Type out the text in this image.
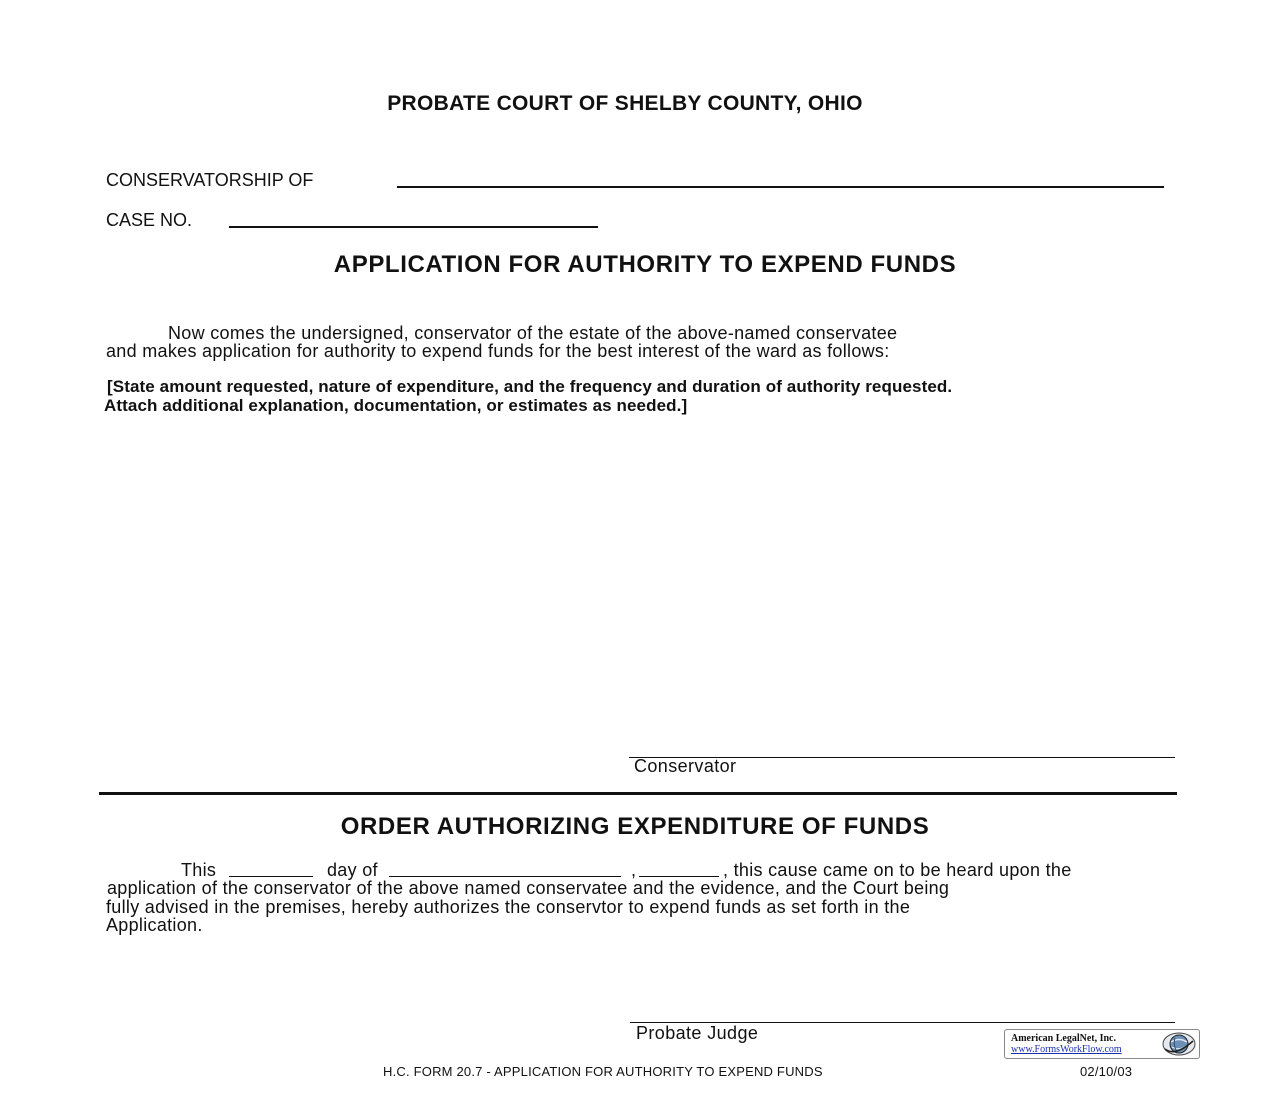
PROBATE COURT OF SHELBY COUNTY, OHIO
CONSERVATORSHIP OF
CASE NO.
APPLICATION FOR AUTHORITY TO EXPEND FUNDS
Now comes the undersigned, conservator of the estate of the above-named conservatee
and makes application for authority to expend funds for the best interest of the ward as follows:
[State amount requested, nature of expenditure, and the frequency and duration of authority requested.
Attach additional explanation, documentation, or estimates as needed.]
Conservator
ORDER AUTHORIZING EXPENDITURE OF FUNDS
This	day of	,	, this cause came on to be heard upon the
application of the conservator of the above named conservatee and the evidence, and the Court being
fully advised in the premises, hereby authorizes the conservtor to expend funds as set forth in the
Application.
Probate Judge	American LegalNet, Inc.
www.FormsWorkFlow.com
H.C. FORM 20.7 - APPLICATION FOR AUTHORITY TO EXPEND FUNDS	02/10/03
